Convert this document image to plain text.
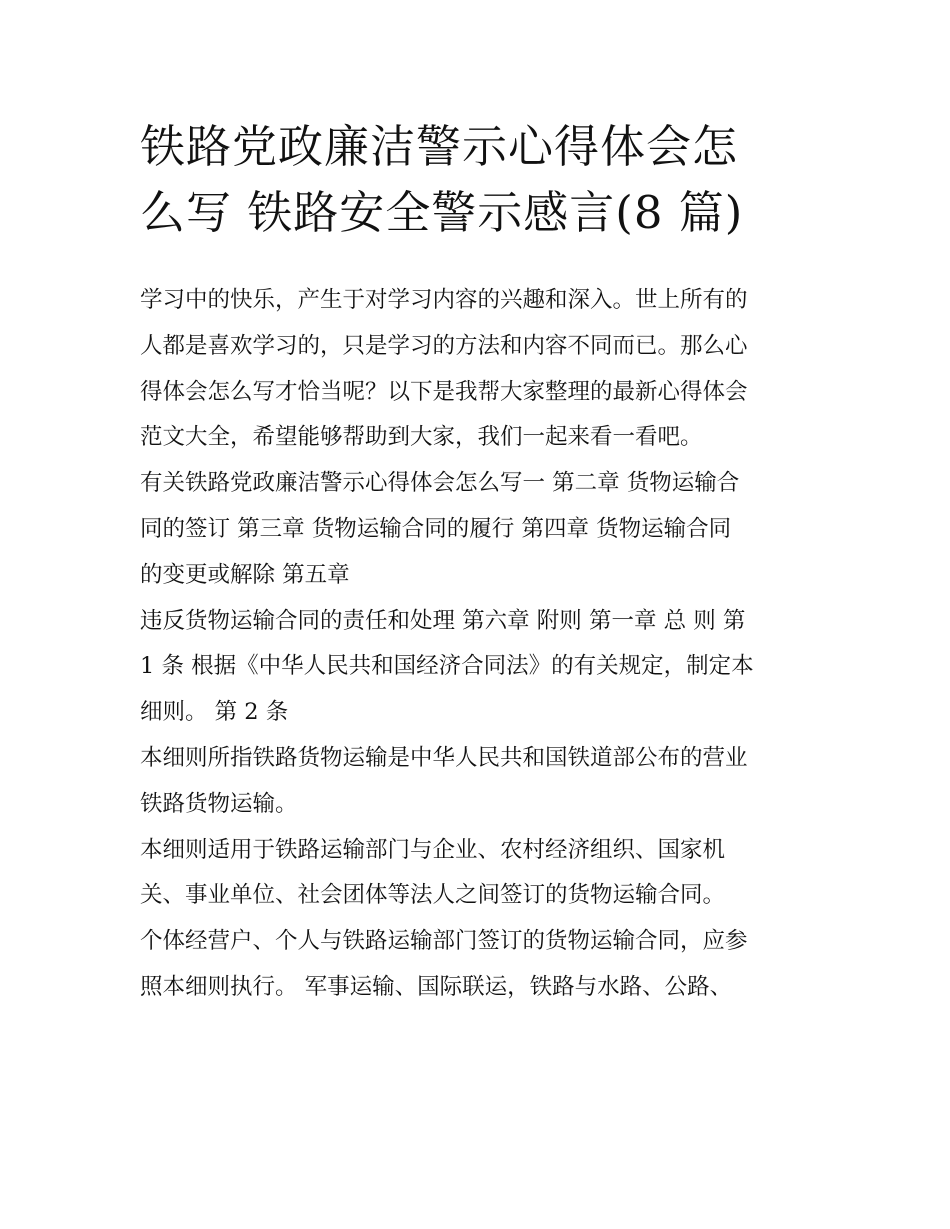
铁路党政廉洁警示心得体会怎
么写 铁路安全警示感言(8 篇)
学习中的快乐，产生于对学习内容的兴趣和深入。世上所有的
人都是喜欢学习的，只是学习的方法和内容不同而已。那么心
得体会怎么写才恰当呢？以下是我帮大家整理的最新心得体会
范文大全，希望能够帮助到大家，我们一起来看一看吧。
有关铁路党政廉洁警示心得体会怎么写一 第二章 货物运输合
同的签订 第三章 货物运输合同的履行 第四章 货物运输合同
的变更或解除 第五章
违反货物运输合同的责任和处理 第六章 附则 第一章 总 则 第
1 条 根据《中华人民共和国经济合同法》的有关规定，制定本
细则。 第 2 条
本细则所指铁路货物运输是中华人民共和国铁道部公布的营业
铁路货物运输。
本细则适用于铁路运输部门与企业、农村经济组织、国家机
关、事业单位、社会团体等法人之间签订的货物运输合同。
个体经营户、个人与铁路运输部门签订的货物运输合同，应参
照本细则执行。 军事运输、国际联运，铁路与水路、公路、
